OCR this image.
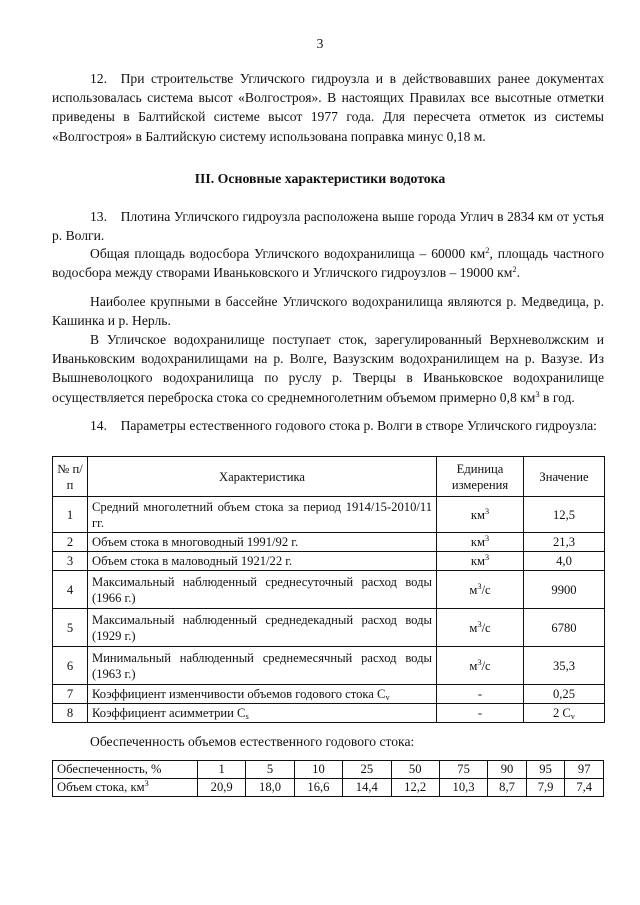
3

12. При строительстве Угличского гидроузла и в действовавших ранее документах использовалась система высот «Волгостроя». В настоящих Правилах все высотные отметки приведены в Балтийской системе высот 1977 года. Для пересчета отметок из системы «Волгостроя» в Балтийскую систему использована поправка минус 0,18 м.

III. Основные характеристики водотока

13. Плотина Угличского гидроузла расположена выше города Углич в 2834 км от устья р. Волги.

Общая площадь водосбора Угличского водохранилища – 60000 $км^2$, площадь частного водосбора между створами Иваньковского и Угличского гидроузлов – 19000 $км^2$.

Наиболее крупными в бассейне Угличского водохранилища являются р. Медведица, р. Кашинка и р. Нерль.

В Угличское водохранилище поступает сток, зарегулированный Верхневолжским и Иваньковским водохранилищами на р. Волге, Вазузским водохранилищем на р. Вазузе. Из Вышневолоцкого водохранилища по руслу р. Тверцы в Иваньковское водохранилище осуществляется переброска стока со среднемноголетним объемом примерно 0,8 $км^3$ в год.

14. Параметры естественного годового стока р. Волги в створе Угличского гидроузла:

№ п/п	Характеристика	Единица измерения	Значение
1	Средний многолетний объем стока за период 1914/15-2010/11 гг.	$км^3$	12,5
2	Объем стока в многоводный 1991/92 г.	$км^3$	21,3
3	Объем стока в маловодный 1921/22 г.	$км^3$	4,0
4	Максимальный наблюденный среднесуточный расход воды (1966 г.)	$м^3/с$	9900
5	Максимальный наблюденный среднедекадный расход воды (1929 г.)	$м^3/с$	6780
6	Минимальный наблюденный среднемесячный расход воды (1963 г.)	$м^3/с$	35,3
7	Коэффициент изменчивости объемов годового стока $C_v$	-	0,25
8	Коэффициент асимметрии $C_s$	-	2 $C_v$
Обеспеченность объемов естественного годового стока:
Обеспеченность, %	1	5	10	25	50	75	90	95	97
Объем стока, $км^3$	20,9	18,0	16,6	14,4	12,2	10,3	8,7	7,9	7,4
